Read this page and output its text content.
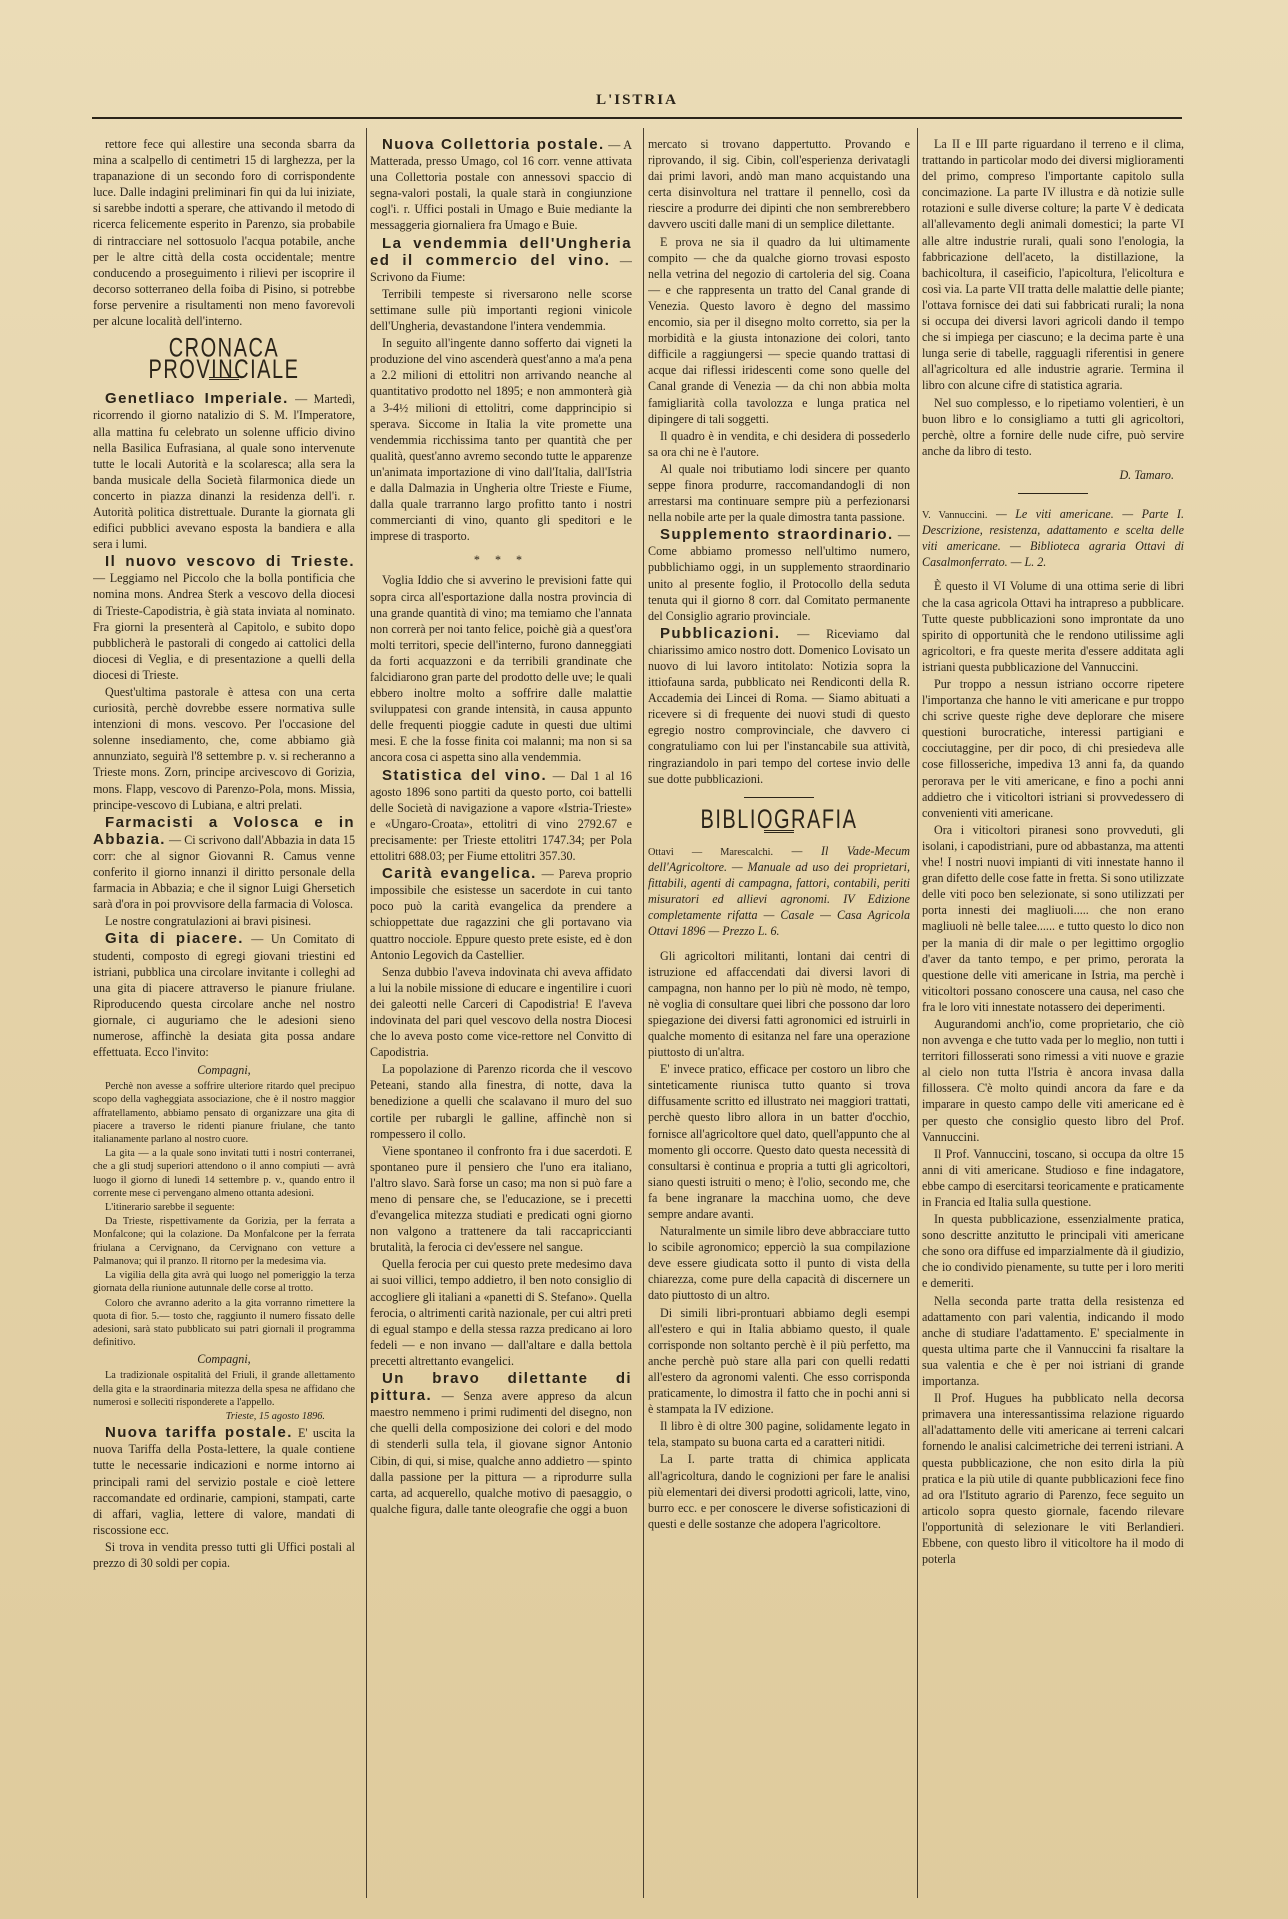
L'ISTRIA

rettore fece qui allestire una seconda sbarra da mina a scalpello di centimetri 15 di larghezza, per la trapanazione di un secondo foro di corrispondente luce. Dalle indagini preliminari fin qui da lui iniziate, si sarebbe indotti a sperare, che attivando il metodo di ricerca felicemente esperito in Parenzo, sia probabile di rintracciare nel sottosuolo l'acqua potabile, anche per le altre città della costa occidentale; mentre conducendo a proseguimento i rilievi per iscoprire il decorso sotterraneo della foiba di Pisino, si potrebbe forse pervenire a risultamenti non meno favorevoli per alcune località dell'interno.

CRONACA PROVINCIALE

Genetliaco Imperiale. — Martedì, ricorrendo il giorno natalizio di S. M. l'Imperatore, alla mattina fu celebrato un solenne ufficio divino nella Basilica Eufrasiana, al quale sono intervenute tutte le locali Autorità e la scolaresca; alla sera la banda musicale della Società filarmonica diede un concerto in piazza dinanzi la residenza dell'i. r. Autorità politica distrettuale. Durante la giornata gli edifici pubblici avevano esposta la bandiera e alla sera i lumi.

Il nuovo vescovo di Trieste. — Leggiamo nel Piccolo che la bolla pontificia che nomina mons. Andrea Sterk a vescovo della diocesi di Trieste-Capodistria, è già stata inviata al nominato. Fra giorni la presenterà al Capitolo, e subito dopo pubblicherà le pastorali di congedo ai cattolici della diocesi di Veglia, e di presentazione a quelli della diocesi di Trieste.

Quest'ultima pastorale è attesa con una certa curiosità, perchè dovrebbe essere normativa sulle intenzioni di mons. vescovo. Per l'occasione del solenne insediamento, che, come abbiamo già annunziato, seguirà l'8 settembre p. v. si recheranno a Trieste mons. Zorn, principe arcivescovo di Gorizia, mons. Flapp, vescovo di Parenzo-Pola, mons. Missia, principe-vescovo di Lubiana, e altri prelati.

Farmacisti a Volosca e in Abbazia. — Ci scrivono dall'Abbazia in data 15 corr: che al signor Giovanni R. Camus venne conferito il giorno innanzi il diritto personale della farmacia in Abbazia; e che il signor Luigi Ghersetich sarà d'ora in poi provvisore della farmacia di Volosca.

Le nostre congratulazioni ai bravi pisinesi.

Gita di piacere. — Un Comitato di studenti, composto di egregi giovani triestini ed istriani, pubblica una circolare invitante i colleghi ad una gita di piacere attraverso le pianure friulane. Riproducendo questa circolare anche nel nostro giornale, ci auguriamo che le adesioni sieno numerose, affinchè la desiata gita possa andare effettuata. Ecco l'invito:

Compagni,

Perchè non avesse a soffrire ulteriore ritardo quel precipuo scopo della vagheggiata associazione, che è il nostro maggior affratellamento, abbiamo pensato di organizzare una gita di piacere a traverso le ridenti pianure friulane, che tanto italianamente parlano al nostro cuore.

La gita — a la quale sono invitati tutti i nostri conterranei, che a gli studj superiori attendono o il anno compiuti — avrà luogo il giorno di lunedì 14 settembre p. v., quando entro il corrente mese ci pervengano almeno ottanta adesioni.

L'itinerario sarebbe il seguente:

Da Trieste, rispettivamente da Gorizia, per la ferrata a Monfalcone; qui la colazione. Da Monfalcone per la ferrata friulana a Cervignano, da Cervignano con vetture a Palmanova; qui il pranzo. Il ritorno per la medesima via.

La vigilia della gita avrà qui luogo nel pomeriggio la terza giornata della riunione autunnale delle corse al trotto.

Coloro che avranno aderito a la gita vorranno rimettere la quota di fior. 5.— tosto che, raggiunto il numero fissato delle adesioni, sarà stato pubblicato sui patri giornali il programma definitivo.

Compagni,

La tradizionale ospitalità del Friuli, il grande allettamento della gita e la straordinaria mitezza della spesa ne affidano che numerosi e sollecìti risponderete a l'appello.

Trieste, 15 agosto 1896.

Nuova tariffa postale. E' uscita la nuova Tariffa della Posta-lettere, la quale contiene tutte le necessarie indicazioni e norme intorno ai principali rami del servizio postale e cioè lettere raccomandate ed ordinarie, campioni, stampati, carte di affari, vaglia, lettere di valore, mandati di riscossione ecc.

Si trova in vendita presso tutti gli Uffici postali al prezzo di 30 soldi per copia.

Nuova Collettoria postale. — A Matterada, presso Umago, col 16 corr. venne attivata una Collettoria postale con annessovi spaccio di segna-valori postali, la quale starà in congiunzione cogl'i. r. Uffici postali in Umago e Buie mediante la messaggeria giornaliera fra Umago e Buie.

La vendemmia dell'Ungheria ed il commercio del vino. — Scrivono da Fiume:

Terribili tempeste si riversarono nelle scorse settimane sulle più importanti regioni vinicole dell'Ungheria, devastandone l'intera vendemmia.

In seguito all'ingente danno sofferto dai vigneti la produzione del vino ascenderà quest'anno a ma'a pena a 2.2 milioni di ettolitri non arrivando neanche al quantitativo prodotto nel 1895; e non ammonterà già a 3-4½ milioni di ettolitri, come dapprincipio si sperava. Siccome in Italia la vite promette una vendemmia ricchissima tanto per quantità che per qualità, quest'anno avremo secondo tutte le apparenze un'animata importazione di vino dall'Italia, dall'Istria e dalla Dalmazia in Ungheria oltre Trieste e Fiume, dalla quale trarranno largo profitto tanto i nostri commercianti di vino, quanto gli speditori e le imprese di trasporto.

* * *

Voglia Iddio che si avverino le previsioni fatte qui sopra circa all'esportazione dalla nostra provincia di una grande quantità di vino; ma temiamo che l'annata non correrà per noi tanto felice, poichè già a quest'ora molti territori, specie dell'interno, furono danneggiati da forti acquazzoni e da terribili grandinate che falcidiarono gran parte del prodotto delle uve; le quali ebbero inoltre molto a soffrire dalle malattie sviluppatesi con grande intensità, in causa appunto delle frequenti pioggie cadute in questi due ultimi mesi. E che la fosse finita coi malanni; ma non si sa ancora cosa ci aspetta sino alla vendemmia.

Statistica del vino. — Dal 1 al 16 agosto 1896 sono partiti da questo porto, coi battelli delle Società di navigazione a vapore «Istria-Trieste» e «Ungaro-Croata», ettolitri di vino 2792.67 e precisamente: per Trieste ettolitri 1747.34; per Pola ettolitri 688.03; per Fiume ettolitri 357.30.

Carità evangelica. — Pareva proprio impossibile che esistesse un sacerdote in cui tanto poco può la carità evangelica da prendere a schioppettate due ragazzini che gli portavano via quattro nocciole. Eppure questo prete esiste, ed è don Antonio Legovich da Castellier.

Senza dubbio l'aveva indovinata chi aveva affidato a lui la nobile missione di educare e ingentilire i cuori dei galeotti nelle Carceri di Capodistria! E l'aveva indovinata del pari quel vescovo della nostra Diocesi che lo aveva posto come vice-rettore nel Convitto di Capodistria.

La popolazione di Parenzo ricorda che il vescovo Peteani, stando alla finestra, di notte, dava la benedizione a quelli che scalavano il muro del suo cortile per rubargli le galline, affinchè non si rompessero il collo.

Viene spontaneo il confronto fra i due sacerdoti. E spontaneo pure il pensiero che l'uno era italiano, l'altro slavo. Sarà forse un caso; ma non si può fare a meno di pensare che, se l'educazione, se i precetti d'evangelica mitezza studiati e predicati ogni giorno non valgono a trattenere da tali raccapriccianti brutalità, la ferocia ci dev'essere nel sangue.

Quella ferocia per cui questo prete medesimo dava ai suoi villici, tempo addietro, il ben noto consiglio di accogliere gli italiani a «panetti di S. Stefano». Quella ferocia, o altrimenti carità nazionale, per cui altri preti di egual stampo e della stessa razza predicano ai loro fedeli — e non invano — dall'altare e dalla bettola precetti altrettanto evangelici.

Un bravo dilettante di pittura. — Senza avere appreso da alcun maestro nemmeno i primi rudimenti del disegno, non che quelli della composizione dei colori e del modo di stenderli sulla tela, il giovane signor Antonio Cibin, di qui, si mise, qualche anno addietro — spinto dalla passione per la pittura — a riprodurre sulla carta, ad acquerello, qualche motivo di paesaggio, o qualche figura, dalle tante oleografie che oggi a buon

mercato si trovano dappertutto. Provando e riprovando, il sig. Cibin, coll'esperienza derivatagli dai primi lavori, andò man mano acquistando una certa disinvoltura nel trattare il pennello, così da riescire a produrre dei dipinti che non sembrerebbero davvero usciti dalle mani di un semplice dilettante.

E prova ne sia il quadro da lui ultimamente compito — che da qualche giorno trovasi esposto nella vetrina del negozio di cartoleria del sig. Coana — e che rappresenta un tratto del Canal grande di Venezia. Questo lavoro è degno del massimo encomio, sia per il disegno molto corretto, sia per la morbidità e la giusta intonazione dei colori, tanto difficile a raggiungersi — specie quando trattasi di acque dai riflessi iridescenti come sono quelle del Canal grande di Venezia — da chi non abbia molta famigliarità colla tavolozza e lunga pratica nel dipingere di tali soggetti.

Il quadro è in vendita, e chi desidera di possederlo sa ora chi ne è l'autore.

Al quale noi tributiamo lodi sincere per quanto seppe finora produrre, raccomandandogli di non arrestarsi ma continuare sempre più a perfezionarsi nella nobile arte per la quale dimostra tanta passione.

Supplemento straordinario. — Come abbiamo promesso nell'ultimo numero, pubblichiamo oggi, in un supplemento straordinario unito al presente foglio, il Protocollo della seduta tenuta qui il giorno 8 corr. dal Comitato permanente del Consiglio agrario provinciale.

Pubblicazioni. — Riceviamo dal chiarissimo amico nostro dott. Domenico Lovisato un nuovo di lui lavoro intitolato: Notizia sopra la ittiofauna sarda, pubblicato nei Rendiconti della R. Accademia dei Lincei di Roma. — Siamo abituati a ricevere si di frequente dei nuovi studi di questo egregio nostro comprovinciale, che davvero ci congratuliamo con lui per l'instancabile sua attività, ringraziandolo in pari tempo del cortese invio delle sue dotte pubblicazioni.

BIBLIOGRAFIA

Ottavi — Marescalchi. — Il Vade-Mecum dell'Agricoltore. — Manuale ad uso dei proprietari, fittabili, agenti di campagna, fattori, contabili, periti misuratori ed allievi agronomi. IV Edizione completamente rifatta — Casale — Casa Agricola Ottavi 1896 — Prezzo L. 6.

Gli agricoltori militanti, lontani dai centri di istruzione ed affaccendati dai diversi lavori di campagna, non hanno per lo più nè modo, nè tempo, nè voglia di consultare quei libri che possono dar loro spiegazione dei diversi fatti agronomici ed istruirli in qualche momento di esitanza nel fare una operazione piuttosto di un'altra.

E' invece pratico, efficace per costoro un libro che sinteticamente riunisca tutto quanto si trova diffusamente scritto ed illustrato nei maggiori trattati, perchè questo libro allora in un batter d'occhio, fornisce all'agricoltore quel dato, quell'appunto che al momento gli occorre. Questo dato questa necessità di consultarsi è continua e propria a tutti gli agricoltori, siano questi istruiti o meno; è l'olio, secondo me, che fa bene ingranare la macchina uomo, che deve sempre andare avanti.

Naturalmente un simile libro deve abbracciare tutto lo scibile agronomico; epperciò la sua compilazione deve essere giudicata sotto il punto di vista della chiarezza, come pure della capacità di discernere un dato piuttosto di un altro.

Di simili libri-prontuari abbiamo degli esempi all'estero e qui in Italia abbiamo questo, il quale corrisponde non soltanto perchè è il più perfetto, ma anche perchè può stare alla pari con quelli redatti all'estero da agronomi valenti. Che esso corrisponda praticamente, lo dimostra il fatto che in pochi anni si è stampata la IV edizione.

Il libro è di oltre 300 pagine, solidamente legato in tela, stampato su buona carta ed a caratteri nitidi.

La I. parte tratta di chimica applicata all'agricoltura, dando le cognizioni per fare le analisi più elementari dei diversi prodotti agricoli, latte, vino, burro ecc. e per conoscere le diverse sofisticazioni di questi e delle sostanze che adopera l'agricoltore.

La II e III parte riguardano il terreno e il clima, trattando in particolar modo dei diversi miglioramenti del primo, compreso l'importante capitolo sulla concimazione. La parte IV illustra e dà notizie sulle rotazioni e sulle diverse colture; la parte V è dedicata all'allevamento degli animali domestici; la parte VI alle altre industrie rurali, quali sono l'enologia, la fabbricazione dell'aceto, la distillazione, la bachicoltura, il caseificio, l'apicoltura, l'elicoltura e così via. La parte VII tratta delle malattie delle piante; l'ottava fornisce dei dati sui fabbricati rurali; la nona si occupa dei diversi lavori agricoli dando il tempo che si impiega per ciascuno; e la decima parte è una lunga serie di tabelle, ragguagli riferentisi in genere all'agricoltura ed alle industrie agrarie. Termina il libro con alcune cifre di statistica agraria.

Nel suo complesso, e lo ripetiamo volentieri, è un buon libro e lo consigliamo a tutti gli agricoltori, perchè, oltre a fornire delle nude cifre, può servire anche da libro di testo.

D. Tamaro.

V. Vannuccini. — Le viti americane. — Parte I. Descrizione, resistenza, adattamento e scelta delle viti americane. — Biblioteca agraria Ottavi di Casalmonferrato. — L. 2.

È questo il VI Volume di una ottima serie di libri che la casa agricola Ottavi ha intrapreso a pubblicare. Tutte queste pubblicazioni sono improntate da uno spirito di opportunità che le rendono utilissime agli agricoltori, e fra queste merita d'essere additata agli istriani questa pubblicazione del Vannuccini.

Pur troppo a nessun istriano occorre ripetere l'importanza che hanno le viti americane e pur troppo chi scrive queste righe deve deplorare che misere questioni burocratiche, interessi partigiani e cocciutaggine, per dir poco, di chi presiedeva alle cose fillosseriche, impediva 13 anni fa, da quando perorava per le viti americane, e fino a pochi anni addietro che i viticoltori istriani si provvedessero di convenienti viti americane.

Ora i viticoltori piranesi sono provveduti, gli isolani, i capodistriani, pure od abbastanza, ma attenti vhe! I nostri nuovi impianti di viti innestate hanno il gran difetto delle cose fatte in fretta. Si sono utilizzate delle viti poco ben selezionate, si sono utilizzati per porta innesti dei magliuoli..... che non erano magliuoli nè belle talee...... e tutto questo lo dico non per la mania di dir male o per legittimo orgoglio d'aver da tanto tempo, e per primo, perorata la questione delle viti americane in Istria, ma perchè i viticoltori possano conoscere una causa, nel caso che fra le loro viti innestate notassero dei deperimenti.

Augurandomi anch'io, come proprietario, che ciò non avvenga e che tutto vada per lo meglio, non tutti i territori fillosserati sono rimessi a viti nuove e grazie al cielo non tutta l'Istria è ancora invasa dalla fillossera. C'è molto quindi ancora da fare e da imparare in questo campo delle viti americane ed è per questo che consiglio questo libro del Prof. Vannuccini.

Il Prof. Vannuccini, toscano, si occupa da oltre 15 anni di viti americane. Studioso e fine indagatore, ebbe campo di esercitarsi teoricamente e praticamente in Francia ed Italia sulla questione.

In questa pubblicazione, essenzialmente pratica, sono descritte anzitutto le principali viti americane che sono ora diffuse ed imparzialmente dà il giudizio, che io condivido pienamente, su tutte per i loro meriti e demeriti.

Nella seconda parte tratta della resistenza ed adattamento con pari valentia, indicando il modo anche di studiare l'adattamento. E' specialmente in questa ultima parte che il Vannuccini fa risaltare la sua valentia e che è per noi istriani di grande importanza.

Il Prof. Hugues ha pubblicato nella decorsa primavera una interessantissima relazione riguardo all'adattamento delle viti americane ai terreni calcari fornendo le analisi calcimetriche dei terreni istriani. A questa pubblicazione, che non esito dirla la più pratica e la più utile di quante pubblicazioni fece fino ad ora l'Istituto agrario di Parenzo, fece seguito un articolo sopra questo giornale, facendo rilevare l'opportunità di selezionare le viti Berlandieri. Ebbene, con questo libro il viticoltore ha il modo di poterla
